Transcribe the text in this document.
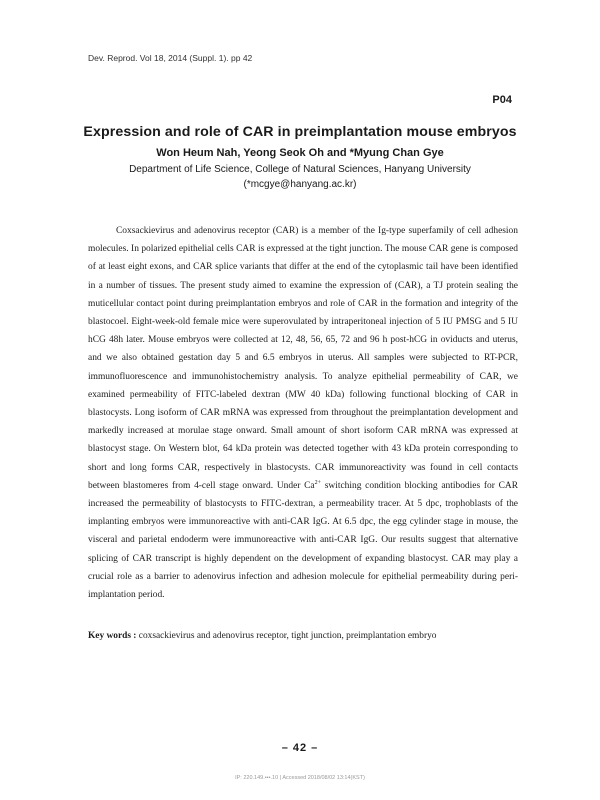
Dev. Reprod. Vol 18, 2014 (Suppl. 1). pp 42
P04
Expression and role of CAR in preimplantation mouse embryos
Won Heum Nah, Yeong Seok Oh and *Myung Chan Gye
Department of Life Science, College of Natural Sciences, Hanyang University
(*mcgye@hanyang.ac.kr)

Coxsackievirus and adenovirus receptor (CAR) is a member of the Ig-type superfamily of cell adhesion molecules. In polarized epithelial cells CAR is expressed at the tight junction. The mouse CAR gene is composed of at least eight exons, and CAR splice variants that differ at the end of the cytoplasmic tail have been identified in a number of tissues. The present study aimed to examine the expression of (CAR), a TJ protein sealing the muticellular contact point during preimplantation embryos and role of CAR in the formation and integrity of the blastocoel. Eight-week-old female mice were superovulated by intraperitoneal injection of 5 IU PMSG and 5 IU hCG 48h later. Mouse embryos were collected at 12, 48, 56, 65, 72 and 96 h post-hCG in oviducts and uterus, and we also obtained gestation day 5 and 6.5 embryos in uterus. All samples were subjected to RT-PCR, immunofluorescence and immunohistochemistry analysis. To analyze epithelial permeability of CAR, we examined permeability of FITC-labeled dextran (MW 40 kDa) following functional blocking of CAR in blastocysts. Long isoform of CAR mRNA was expressed from throughout the preimplantation development and markedly increased at morulae stage onward. Small amount of short isoform CAR mRNA was expressed at blastocyst stage. On Western blot, 64 kDa protein was detected together with 43 kDa protein corresponding to short and long forms CAR, respectively in blastocysts. CAR immunoreactivity was found in cell contacts between blastomeres from 4-cell stage onward. Under $Ca^{2+}$ switching condition blocking antibodies for CAR increased the permeability of blastocysts to FITC-dextran, a permeability tracer. At 5 dpc, trophoblasts of the implanting embryos were immunoreactive with anti-CAR IgG. At 6.5 dpc, the egg cylinder stage in mouse, the visceral and parietal endoderm were immunoreactive with anti-CAR IgG. Our results suggest that alternative splicing of CAR transcript is highly dependent on the development of expanding blastocyst. CAR may play a crucial role as a barrier to adenovirus infection and adhesion molecule for epithelial permeability during peri-implantation period.

Key words : coxsackievirus and adenovirus receptor, tight junction, preimplantation embryo
– 42 –
IP: 220.149.•••.10 | Accessed 2018/08/02 13:14(KST)
